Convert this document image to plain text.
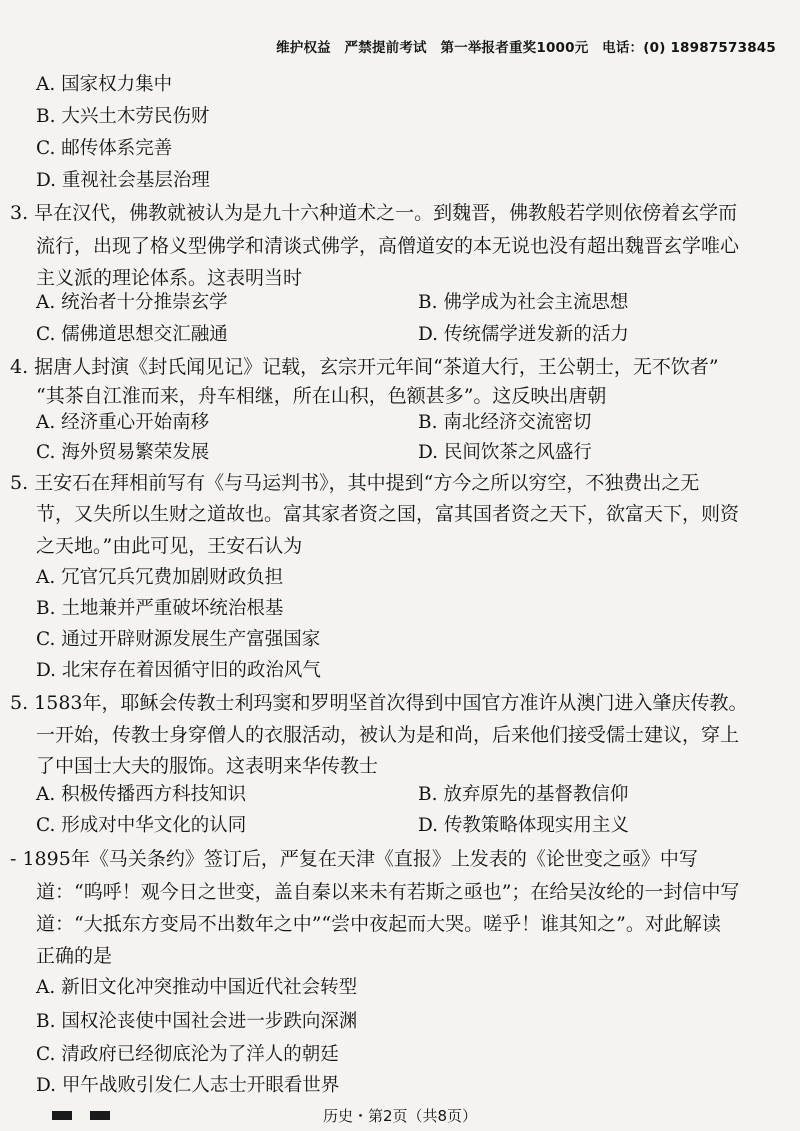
维护权益　严禁提前考试　第一举报者重奖1000元　电话：(0) 18987573845
A. 国家权力集中
B. 大兴土木劳民伤财
C. 邮传体系完善
D. 重视社会基层治理
3. 早在汉代，佛教就被认为是九十六种道术之一。到魏晋，佛教般若学则依傍着玄学而
流行，出现了格义型佛学和清谈式佛学，高僧道安的本无说也没有超出魏晋玄学唯心
主义派的理论体系。这表明当时
A. 统治者十分推崇玄学	B. 佛学成为社会主流思想
C. 儒佛道思想交汇融通	D. 传统儒学迸发新的活力
4. 据唐人封演《封氏闻见记》记载，玄宗开元年间“茶道大行，王公朝士，无不饮者”
“其茶自江淮而来，舟车相继，所在山积，色额甚多”。这反映出唐朝
A. 经济重心开始南移	B. 南北经济交流密切
C. 海外贸易繁荣发展	D. 民间饮茶之风盛行
5. 王安石在拜相前写有《与马运判书》，其中提到“方今之所以穷空，不独费出之无
节，又失所以生财之道故也。富其家者资之国，富其国者资之天下，欲富天下，则资
之天地。”由此可见，王安石认为
A. 冗官冗兵冗费加剧财政负担
B. 土地兼并严重破坏统治根基
C. 通过开辟财源发展生产富强国家
D. 北宋存在着因循守旧的政治风气
5. 1583年，耶稣会传教士利玛窦和罗明坚首次得到中国官方准许从澳门进入肇庆传教。
一开始，传教士身穿僧人的衣服活动，被认为是和尚，后来他们接受儒士建议，穿上
了中国士大夫的服饰。这表明来华传教士
A. 积极传播西方科技知识	B. 放弃原先的基督教信仰
C. 形成对中华文化的认同	D. 传教策略体现实用主义
- 1895年《马关条约》签订后，严复在天津《直报》上发表的《论世变之亟》中写
道：“呜呼！观今日之世变，盖自秦以来未有若斯之亟也”；在给吴汝纶的一封信中写
道：“大抵东方变局不出数年之中”“尝中夜起而大哭。嗟乎！谁其知之”。对此解读
正确的是
A. 新旧文化冲突推动中国近代社会转型
B. 国权沦丧使中国社会进一步跌向深渊
C. 清政府已经彻底沦为了洋人的朝廷
D. 甲午战败引发仁人志士开眼看世界
历史・第2页（共8页）
